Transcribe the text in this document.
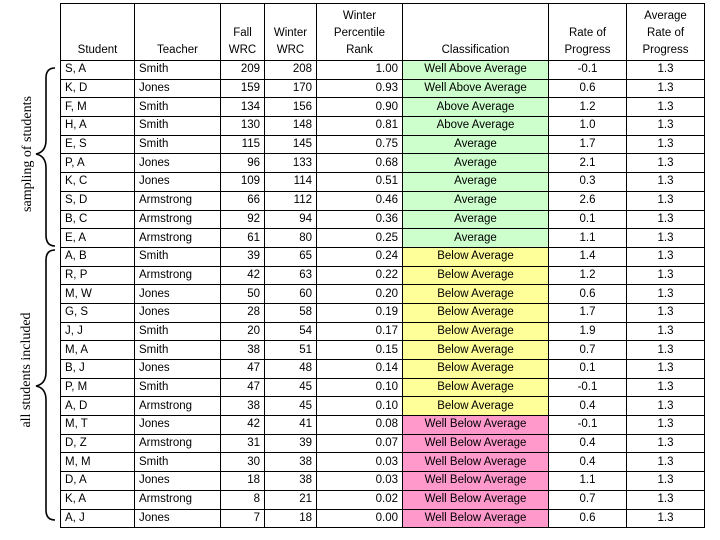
sampling of students
all students included
Student	Teacher	Fall WRC	Winter WRC	Winter Percentile Rank	Classification	Rate of Progress	Average Rate of Progress
S, A	Smith	209	208	1.00	Well Above Average	-0.1	1.3
K, D	Jones	159	170	0.93	Well Above Average	0.6	1.3
F, M	Smith	134	156	0.90	Above Average	1.2	1.3
H, A	Smith	130	148	0.81	Above Average	1.0	1.3
E, S	Smith	115	145	0.75	Average	1.7	1.3
P, A	Jones	96	133	0.68	Average	2.1	1.3
K, C	Jones	109	114	0.51	Average	0.3	1.3
S, D	Armstrong	66	112	0.46	Average	2.6	1.3
B, C	Armstrong	92	94	0.36	Average	0.1	1.3
E, A	Armstrong	61	80	0.25	Average	1.1	1.3
A, B	Smith	39	65	0.24	Below Average	1.4	1.3
R, P	Armstrong	42	63	0.22	Below Average	1.2	1.3
M, W	Jones	50	60	0.20	Below Average	0.6	1.3
G, S	Jones	28	58	0.19	Below Average	1.7	1.3
J, J	Smith	20	54	0.17	Below Average	1.9	1.3
M, A	Smith	38	51	0.15	Below Average	0.7	1.3
B, J	Jones	47	48	0.14	Below Average	0.1	1.3
P, M	Smith	47	45	0.10	Below Average	-0.1	1.3
A, D	Armstrong	38	45	0.10	Below Average	0.4	1.3
M, T	Jones	42	41	0.08	Well Below Average	-0.1	1.3
D, Z	Armstrong	31	39	0.07	Well Below Average	0.4	1.3
M, M	Smith	30	38	0.03	Well Below Average	0.4	1.3
D, A	Jones	18	38	0.03	Well Below Average	1.1	1.3
K, A	Armstrong	8	21	0.02	Well Below Average	0.7	1.3
A, J	Jones	7	18	0.00	Well Below Average	0.6	1.3
